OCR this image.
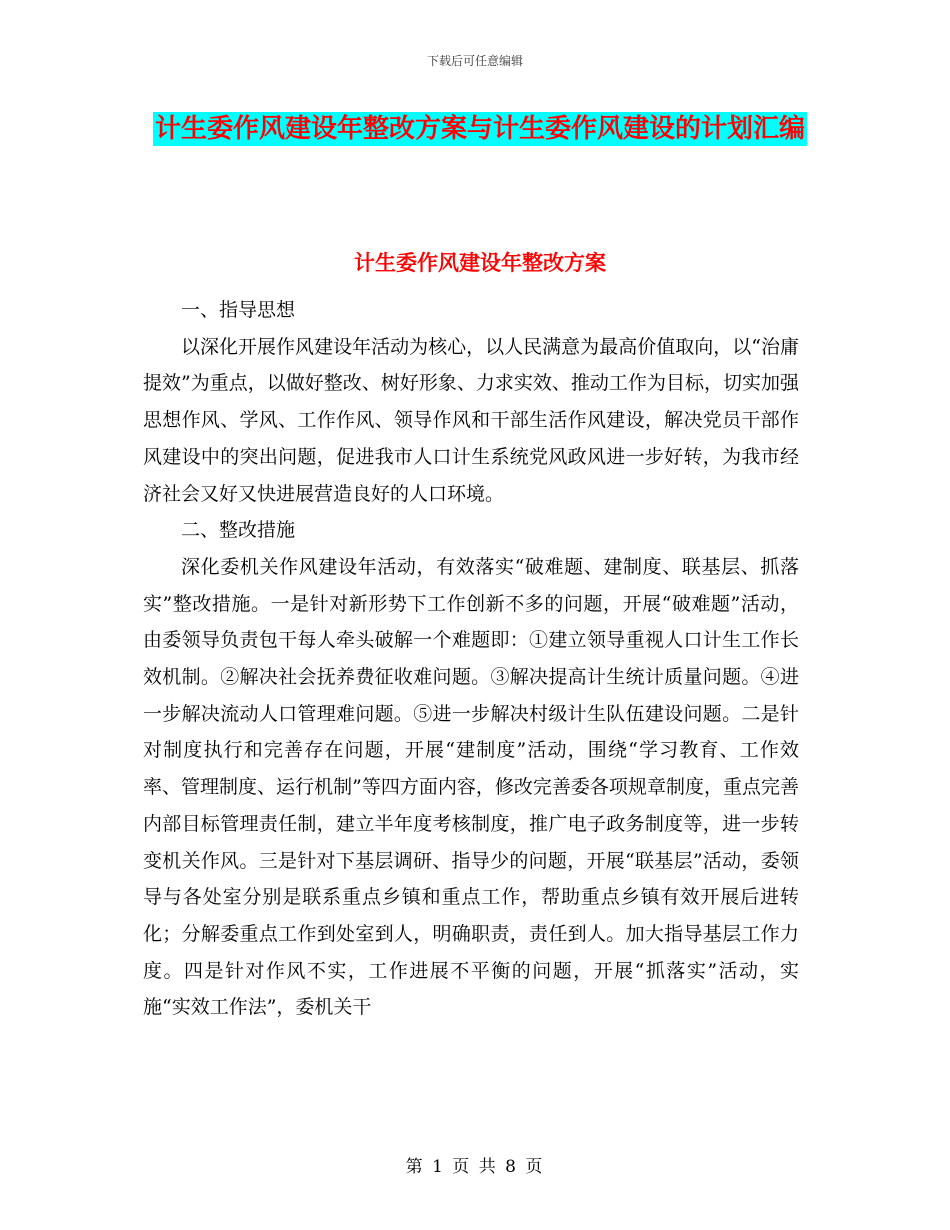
下载后可任意编辑
计生委作风建设年整改方案与计生委作风建设的计划汇编
计生委作风建设年整改方案

一、指导思想

以深化开展作风建设年活动为核心，以人民满意为最高价值取向，以“治庸提效”为重点，以做好整改、树好形象、力求实效、推动工作为目标，切实加强思想作风、学风、工作作风、领导作风和干部生活作风建设，解决党员干部作风建设中的突出问题，促进我市人口计生系统党风政风进一步好转，为我市经济社会又好又快进展营造良好的人口环境。

二、整改措施

深化委机关作风建设年活动，有效落实“破难题、建制度、联基层、抓落实”整改措施。一是针对新形势下工作创新不多的问题，开展“破难题”活动，由委领导负责包干每人牵头破解一个难题即：①建立领导重视人口计生工作长效机制。②解决社会抚养费征收难问题。③解决提高计生统计质量问题。④进一步解决流动人口管理难问题。⑤进一步解决村级计生队伍建设问题。二是针对制度执行和完善存在问题，开展“建制度”活动，围绕“学习教育、工作效率、管理制度、运行机制”等四方面内容，修改完善委各项规章制度，重点完善内部目标管理责任制，建立半年度考核制度，推广电子政务制度等，进一步转变机关作风。三是针对下基层调研、指导少的问题，开展“联基层”活动，委领导与各处室分别是联系重点乡镇和重点工作，帮助重点乡镇有效开展后进转化；分解委重点工作到处室到人，明确职责，责任到人。加大指导基层工作力度。四是针对作风不实，工作进展不平衡的问题，开展“抓落实”活动，实施“实效工作法”，委机关干

第 1 页 共 8 页
